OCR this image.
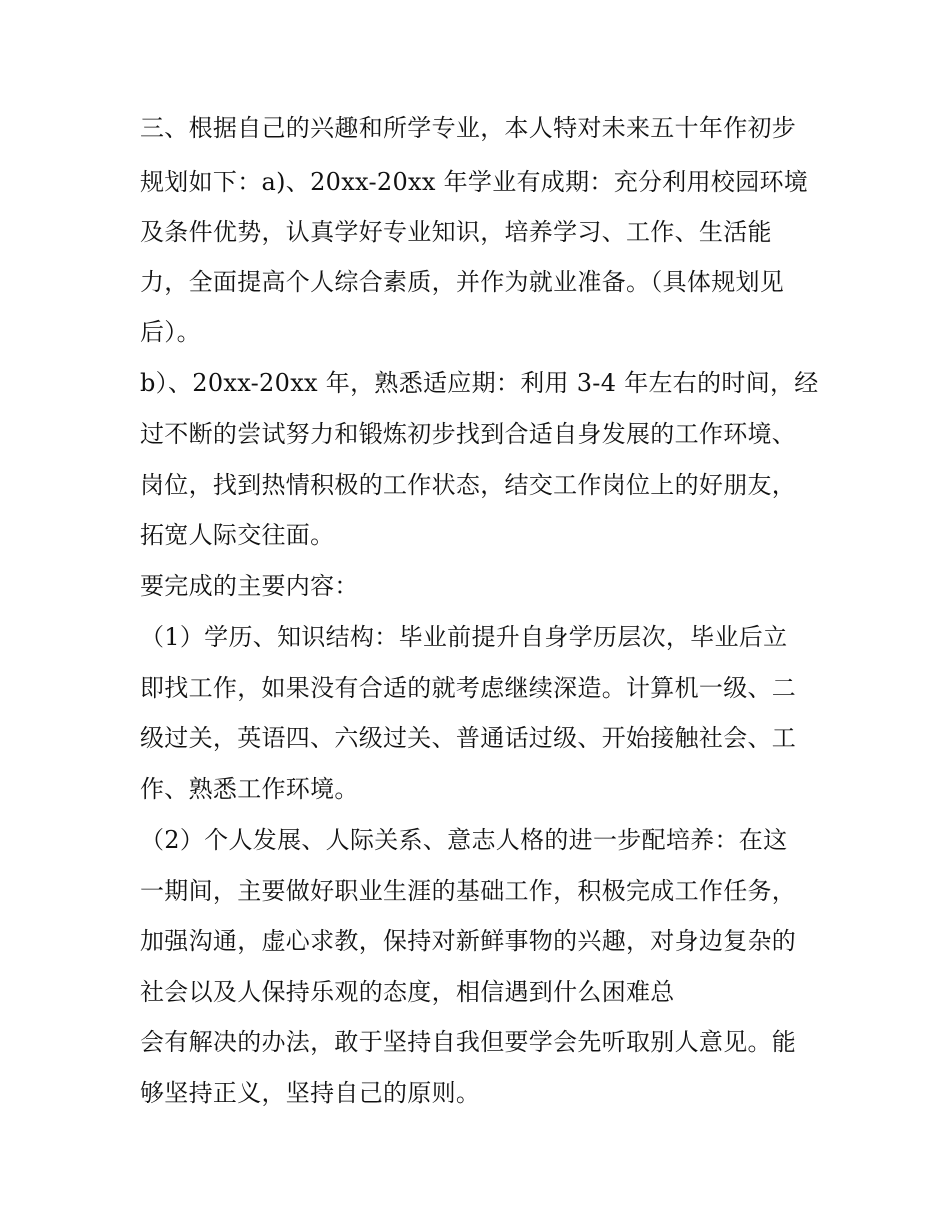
三、根据自己的兴趣和所学专业，本人特对未来五十年作初步
规划如下：a)、20xx-20xx 年学业有成期：充分利用校园环境
及条件优势，认真学好专业知识，培养学习、工作、生活能
力，全面提高个人综合素质，并作为就业准备。（具体规划见
后）。
b）、20xx-20xx 年，熟悉适应期：利用 3-4 年左右的时间，经
过不断的尝试努力和锻炼初步找到合适自身发展的工作环境、
岗位，找到热情积极的工作状态，结交工作岗位上的好朋友，
拓宽人际交往面。
要完成的主要内容：
（1）学历、知识结构：毕业前提升自身学历层次，毕业后立
即找工作，如果没有合适的就考虑继续深造。计算机一级、二
级过关，英语四、六级过关、普通话过级、开始接触社会、工
作、熟悉工作环境。
（2）个人发展、人际关系、意志人格的进一步配培养：在这
一期间，主要做好职业生涯的基础工作，积极完成工作任务，
加强沟通，虚心求教，保持对新鲜事物的兴趣，对身边复杂的
社会以及人保持乐观的态度，相信遇到什么困难总
会有解决的办法，敢于坚持自我但要学会先听取别人意见。能
够坚持正义，坚持自己的原则。
